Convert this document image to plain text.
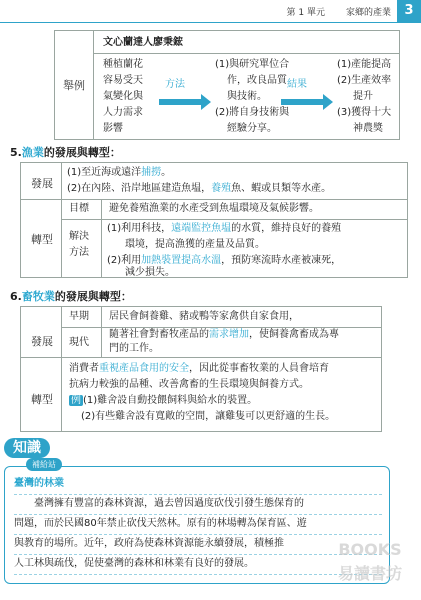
第 1 單元 家鄉的產業	3
舉例
文心蘭達人廖秉鋐
種植蘭花
容易受天
氣變化與
人力需求
影響
方法
(1)與研究單位合
作，改良品質
與技術。
(2)將自身技術與
經驗分享。
結果
(1)產能提高
(2)生產效率
提升
(3)獲得十大
神農獎
5.漁業的發展與轉型：
發展
(1)至近海或遠洋捕撈。
(2)在內陸、沿岸地區建造魚塭，養殖魚、蝦或貝類等水產。
轉型
目標 避免養殖漁業的水產受到魚塭環境及氣候影響。
解決
方法
(1)利用科技，遠端監控魚塭的水質，維持良好的養殖
環境，提高漁獲的產量及品質。
(2)利用加熱裝置提高水溫，預防寒流時水產被凍死，
減少損失。
6.畜牧業的發展與轉型：
發展
早期 居民會飼養雞、豬或鴨等家禽供自家食用，
現代
隨著社會對畜牧產品的需求增加，使飼養禽畜成為專
門的工作。
轉型
消費者重視產品食用的安全，因此從事畜牧業的人員會培育
抗病力較強的品種、改善禽畜的生長環境與飼養方式。
例 (1)雞舍設自動投餵飼料與給水的裝置。
(2)有些雞舍設有寬敞的空間，讓雞隻可以更舒適的生長。
知識
補給站
臺灣的林業
臺灣擁有豐富的森林資源，過去曾因過度砍伐引發生態保育的
問題，而於民國80年禁止砍伐天然林。原有的林場轉為保育區、遊
與教育的場所。近年，政府為使森林資源能永續發展，積極推
人工林與疏伐，促使臺灣的森林和林業有良好的發展。
BOOKS
易讀書坊
